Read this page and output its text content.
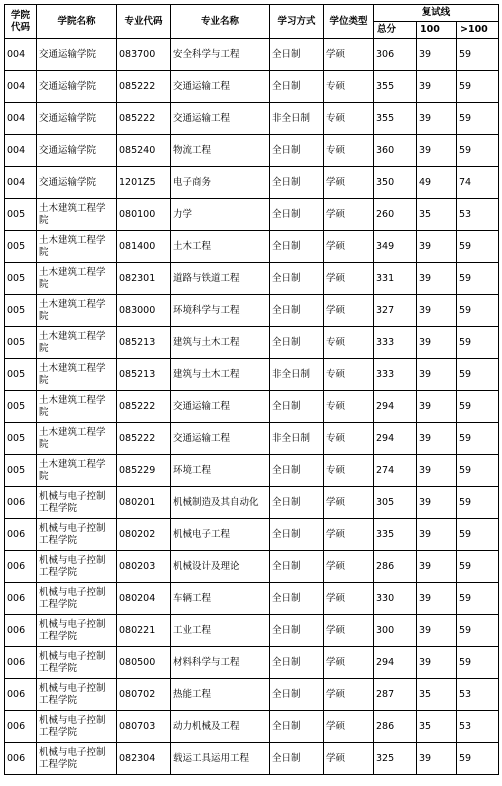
学院代码	学院名称	专业代码	专业名称	学习方式	学位类型	复试线		
						总分	100	>100
004	交通运输学院	083700	安全科学与工程	全日制	学硕	306	39	59
004	交通运输学院	085222	交通运输工程	全日制	专硕	355	39	59
004	交通运输学院	085222	交通运输工程	非全日制	专硕	355	39	59
004	交通运输学院	085240	物流工程	全日制	专硕	360	39	59
004	交通运输学院	1201Z5	电子商务	全日制	学硕	350	49	74
005	土木建筑工程学院	080100	力学	全日制	学硕	260	35	53
005	土木建筑工程学院	081400	土木工程	全日制	学硕	349	39	59
005	土木建筑工程学院	082301	道路与铁道工程	全日制	学硕	331	39	59
005	土木建筑工程学院	083000	环境科学与工程	全日制	学硕	327	39	59
005	土木建筑工程学院	085213	建筑与土木工程	全日制	专硕	333	39	59
005	土木建筑工程学院	085213	建筑与土木工程	非全日制	专硕	333	39	59
005	土木建筑工程学院	085222	交通运输工程	全日制	专硕	294	39	59
005	土木建筑工程学院	085222	交通运输工程	非全日制	专硕	294	39	59
005	土木建筑工程学院	085229	环境工程	全日制	专硕	274	39	59
006	机械与电子控制工程学院	080201	机械制造及其自动化	全日制	学硕	305	39	59
006	机械与电子控制工程学院	080202	机械电子工程	全日制	学硕	335	39	59
006	机械与电子控制工程学院	080203	机械设计及理论	全日制	学硕	286	39	59
006	机械与电子控制工程学院	080204	车辆工程	全日制	学硕	330	39	59
006	机械与电子控制工程学院	080221	工业工程	全日制	学硕	300	39	59
006	机械与电子控制工程学院	080500	材料科学与工程	全日制	学硕	294	39	59
006	机械与电子控制工程学院	080702	热能工程	全日制	学硕	287	35	53
006	机械与电子控制工程学院	080703	动力机械及工程	全日制	学硕	286	35	53
006	机械与电子控制工程学院	082304	载运工具运用工程	全日制	学硕	325	39	59
